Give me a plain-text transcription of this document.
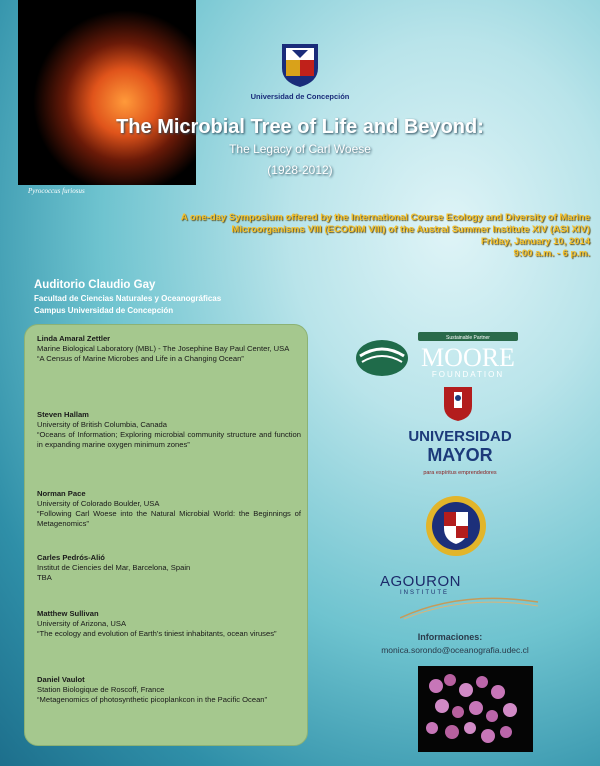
Pyrococcus furiosus
Universidad de Concepción
The Microbial Tree of Life and Beyond:
The Legacy of Carl Woese
(1928-2012)
A one-day Symposium offered by the International Course Ecology and Diversity of Marine
Microorganisms VIII (ECODIM VIII) of the Austral Summer Institute XIV (ASI XIV)
Friday, January 10, 2014
9:00 a.m. - 6 p.m.
Auditorio Claudio Gay
Facultad de Ciencias Naturales y Oceanográficas
Campus Universidad de Concepción
Linda Amaral Zettler
Marine Biological Laboratory (MBL) - The Josephine Bay Paul Center, USA
“A Census of Marine Microbes and Life in a Changing Ocean”
Steven Hallam
University of British Columbia, Canada
“Oceans of Information; Exploring microbial community structure and function in expanding marine oxygen minimum zones”
Norman Pace
University of Colorado Boulder, USA
“Following Carl Woese into the Natural Microbial World: the Beginnings of Metagenomics”
Carles Pedrós-Alió
Institut de Ciencies del Mar, Barcelona, Spain
TBA
Matthew Sullivan
University of Arizona, USA
“The ecology and evolution of Earth's tiniest inhabitants, ocean viruses”
Daniel Vaulot
Station Biologique de Roscoff, France
“Metagenomics of photosynthetic picoplankcon in the Pacific Ocean”
Sustainable Partner
MOORE
FOUNDATION
UNIVERSIDAD
MAYOR
para espíritus emprendedores
AGOURON
INSTITUTE
Informaciones:
monica.sorondo@oceanografia.udec.cl
